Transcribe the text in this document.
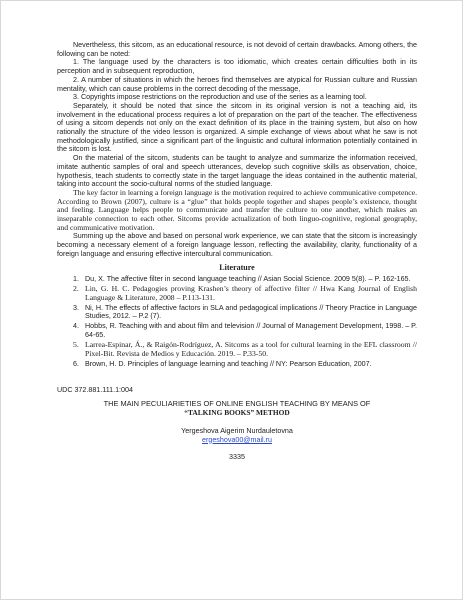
Nevertheless, this sitcom, as an educational resource, is not devoid of certain drawbacks. Among others, the following can be noted:

1. The language used by the characters is too idiomatic, which creates certain difficulties both in its perception and in subsequent reproduction,

2. A number of situations in which the heroes find themselves are atypical for Russian culture and Russian mentality, which can cause problems in the correct decoding of the message,

3. Copyrights impose restrictions on the reproduction and use of the series as a learning tool.

Separately, it should be noted that since the sitcom in its original version is not a teaching aid, its involvement in the educational process requires a lot of preparation on the part of the teacher. The effectiveness of using a sitcom depends not only on the exact definition of its place in the training system, but also on how rationally the structure of the video lesson is organized. A simple exchange of views about what he saw is not methodologically justified, since a significant part of the linguistic and cultural information potentially contained in the sitcom is lost.

On the material of the sitcom, students can be taught to analyze and summarize the information received, imitate authentic samples of oral and speech utterances, develop such cognitive skills as observation, choice, hypothesis, teach students to correctly state in the target language the ideas contained in the authentic material, taking into account the socio-cultural norms of the studied language.

The key factor in learning a foreign language is the motivation required to achieve communicative competence. According to Brown (2007), culture is a “glue” that holds people together and shapes people’s existence, thought and feeling. Language helps people to communicate and transfer the culture to one another, which makes an inseparable connection to each other. Sitcoms provide actualization of both linguo-cognitive, regional geography, and communicative motivation.

Summing up the above and based on personal work experience, we can state that the sitcom is increasingly becoming a necessary element of a foreign language lesson, reflecting the availability, clarity, functionality of a foreign language and ensuring effective intercultural communication.

Literature
1. Du, X. The affective filter in second language teaching // Asian Social Science. 2009 5(8). – P. 162-165.
2. Lin, G. H. C. Pedagogies proving Krashen’s theory of affective filter // Hwa Kang Journal of English Language & Literature, 2008 – P.113-131.
3. Ni, H. The effects of affective factors in SLA and pedagogical implications // Theory Practice in Language Studies, 2012. – P.2 (7).
4. Hobbs, R. Teaching with and about film and television // Journal of Management Development, 1998. – P. 64-65.
5. Larrea-Espinar, Á., & Raigón-Rodríguez, A. Sitcoms as a tool for cultural learning in the EFL classroom // Píxel-Bit. Revista de Medios y Educación. 2019. – P.33-50.
6. Brown, H. D. Principles of language learning and teaching // NY: Pearson Education, 2007.
UDC 372.881.111.1:004
THE MAIN PECULIARIETIES OF ONLINE ENGLISH TEACHING BY MEANS OF
“TALKING BOOKS” METHOD
Yergeshova Aigerim Nurdauletovna
ergeshova00@mail.ru
3335
